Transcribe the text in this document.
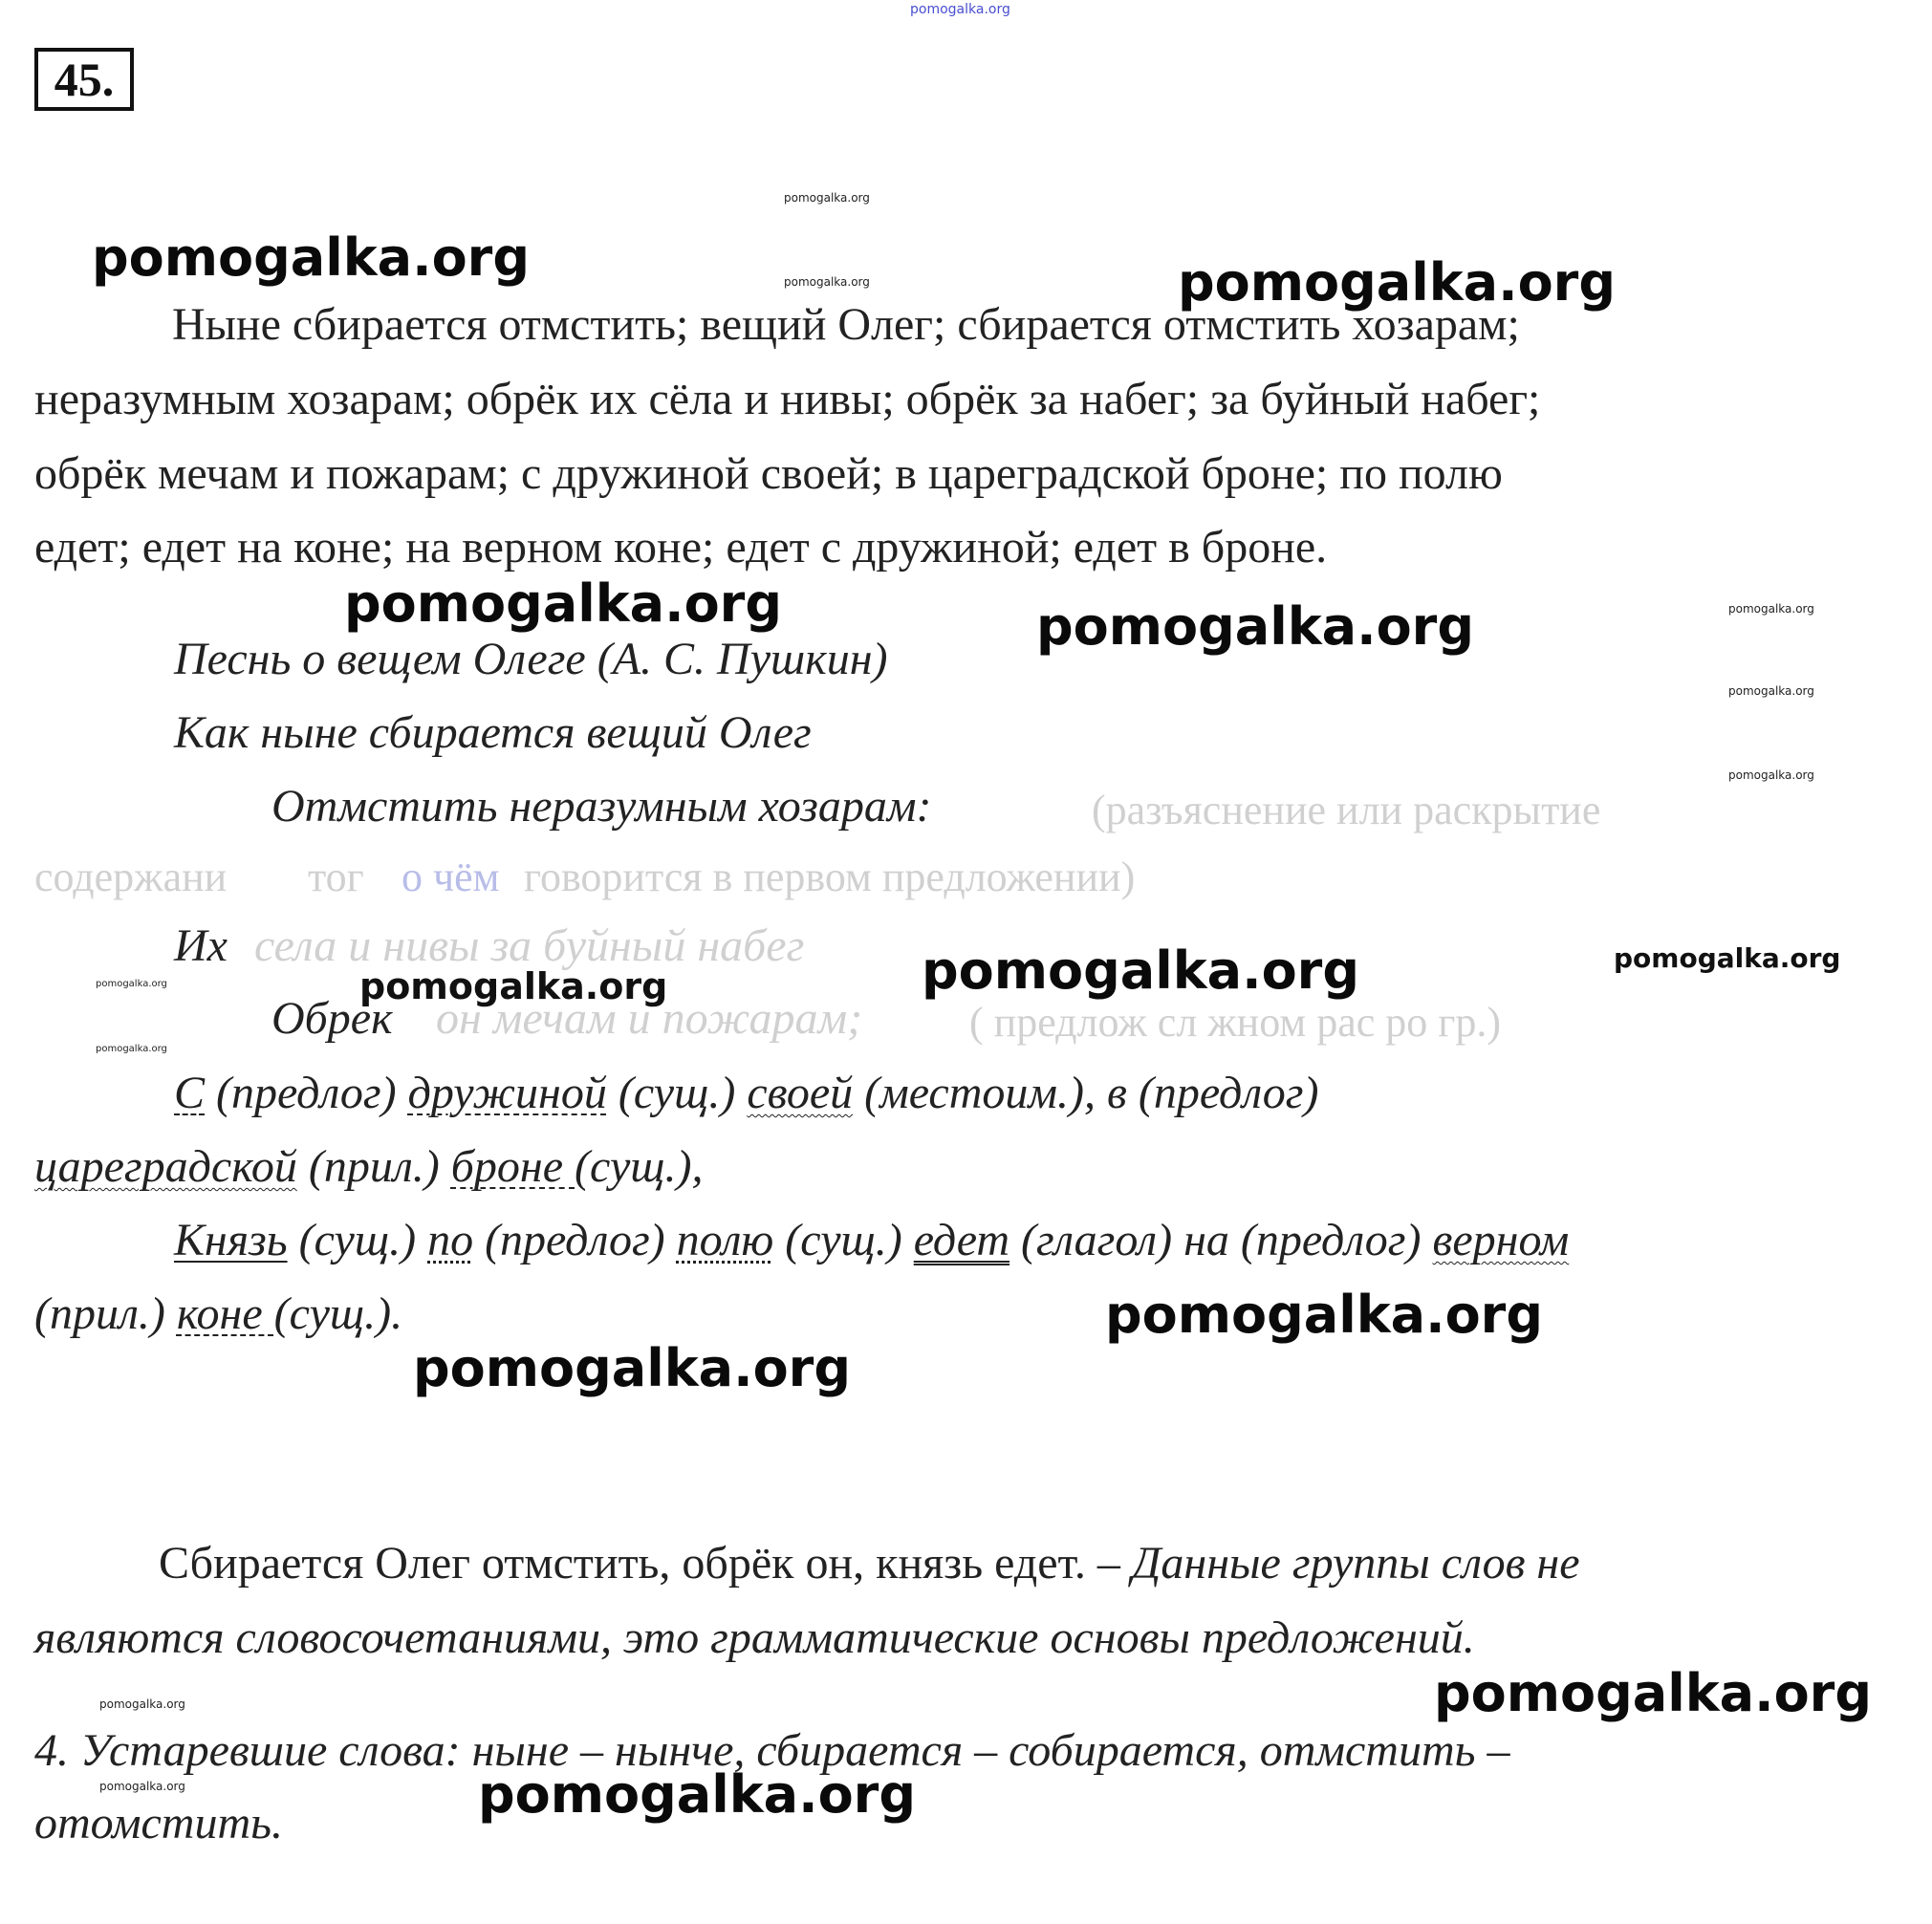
45.
pomogalka.org
Ныне сбирается отмстить; вещий Олег; сбирается отмстить хозарам;
неразумным хозарам; обрёк их сёла и нивы; обрёк за набег; за буйный набег;
обрёк мечам и пожарам; с дружиной своей; в цареградской броне; по полю
едет; едет на коне; на верном коне; едет с дружиной; едет в броне.
Песнь о вещем Олеге (А. С. Пушкин)
Как ныне сбирается вещий Олег
Отмстить неразумным хозарам:	(разъяснение или раскрытие
содержани тог о чём говорится в первом предложении)
Их села и нивы за буйный набег
Обрек он мечам и пожарам;	( предлож сл жном рас ро гр.)
С (предлог) дружиной (сущ.) своей (местоим.), в (предлог)
цареградской (прил.) броне (сущ.),
Князь (сущ.) по (предлог) полю (сущ.) едет (глагол) на (предлог) верном
(прил.) коне (сущ.).
Сбирается Олег отмстить, обрёк он, князь едет. – Данные группы слов не
являются словосочетаниями, это грамматические основы предложений.
4. Устаревшие слова: ныне – нынче, сбирается – собирается, отмстить –
отомстить.
pomogalka.org
pomogalka.org
pomogalka.org	pomogalka.org
pomogalka.org	pomogalka.org	pomogalka.org
pomogalka.org
pomogalka.org
pomogalka.org	pomogalka.org
pomogalka.org
pomogalka.org
pomogalka.org
pomogalka.org
pomogalka.org
pomogalka.org
pomogalka.org
pomogalka.org	pomogalka.org
